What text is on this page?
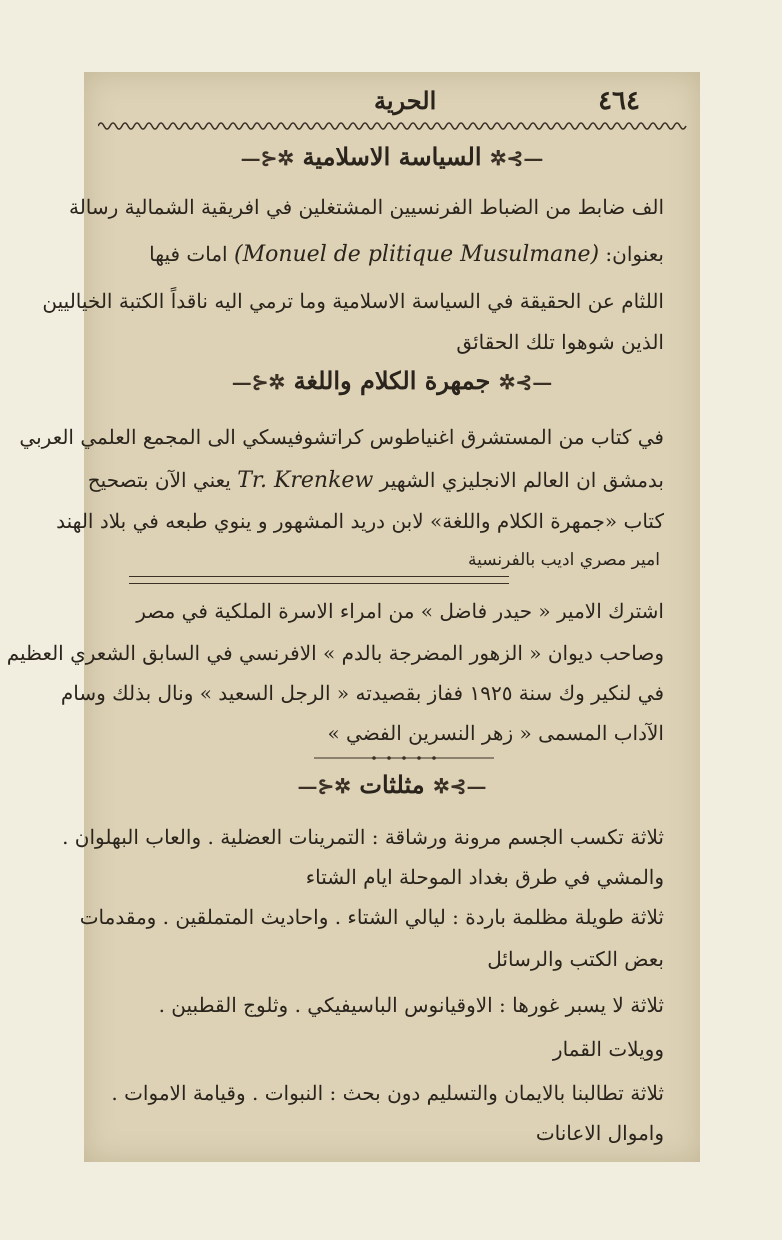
٤٦٤
الحرية
—⊱✲ السياسة الاسلامية ✲⊰—
الف ضابط من الضباط الفرنسيين المشتغلين في افريقية الشمالية رسالة
بعنوان: (Monuel de plitique Musulmane) امات فيها
اللثام عن الحقيقة في السياسة الاسلامية وما ترمي اليه ناقداً الكتبة الخياليين
الذين شوهوا تلك الحقائق
—⊱✲ جمهرة الكلام واللغة ✲⊰—
في كتاب من المستشرق اغنياطوس كراتشوفيسكي الى المجمع العلمي العربي
بدمشق ان العالم الانجليزي الشهير Tr. Krenkew يعني الآن بتصحيح
كتاب «جمهرة الكلام واللغة» لابن دريد المشهور و ينوي طبعه في بلاد الهند
امير مصري اديب بالفرنسية
اشترك الامير « حيدر فاضل » من امراء الاسرة الملكية في مصر
وصاحب ديوان « الزهور المضرجة بالدم » الافرنسي في السابق الشعري العظيم
في لنكير وك سنة ١٩٢٥ ففاز بقصيدته « الرجل السعيد » ونال بذلك وسام
الآداب المسمى « زهر النسرين الفضي »
—⊱✲ مثلثات ✲⊰—
ثلاثة تكسب الجسم مرونة ورشاقة : التمرينات العضلية . والعاب البهلوان .
والمشي في طرق بغداد الموحلة ايام الشتاء
ثلاثة طويلة مظلمة باردة : ليالي الشتاء . واحاديث المتملقين . ومقدمات
بعض الكتب والرسائل
ثلاثة لا يسبر غورها : الاوقيانوس الباسيفيكي . وثلوج القطبين .
وويلات القمار
ثلاثة تطالبنا بالايمان والتسليم دون بحث : النبوات . وقيامة الاموات .
واموال الاعانات
